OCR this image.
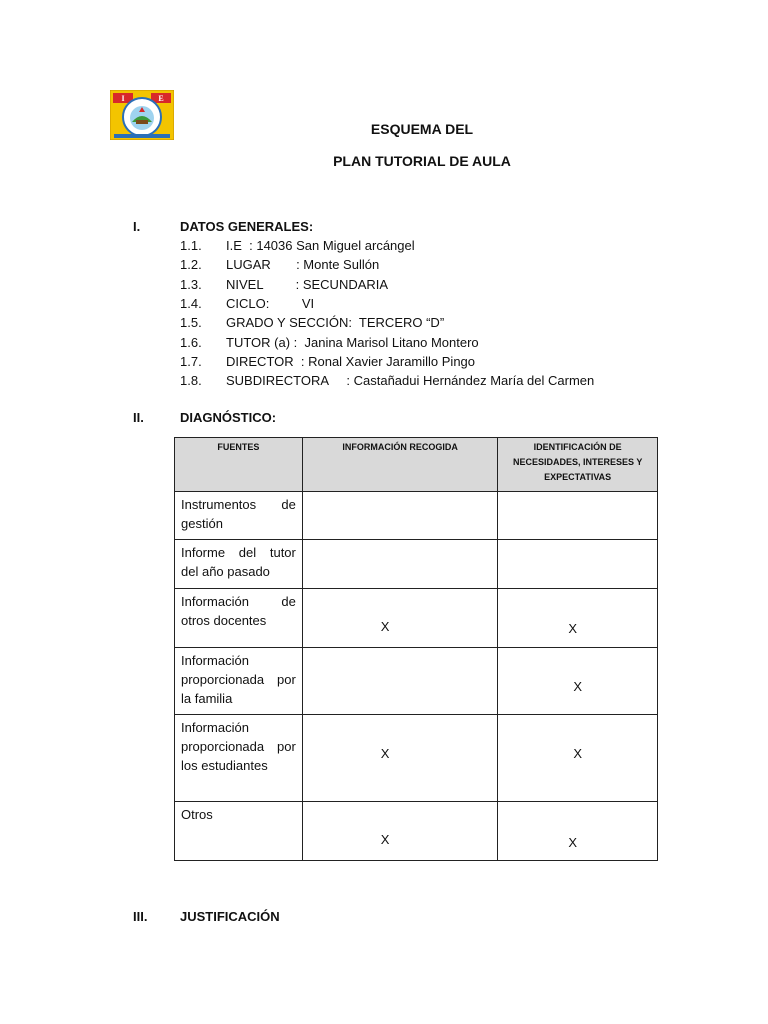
I	E
ESQUEMA DEL
PLAN TUTORIAL DE AULA
I.	DATOS GENERALES:
1.1. I.E  : 14036 San Miguel arcángel
1.2. LUGAR       : Monte Sullón
1.3. NIVEL         : SECUNDARIA
1.4. CICLO:         VI
1.5. GRADO Y SECCIÓN:  TERCERO “D”
1.6. TUTOR (a) :  Janina Marisol Litano Montero
1.7. DIRECTOR  : Ronal Xavier Jaramillo Pingo
1.8. SUBDIRECTORA     : Castañadui Hernández María del Carmen
II.	DIAGNÓSTICO:
FUENTES	INFORMACIÓN RECOGIDA	IDENTIFICACIÓN DE NECESIDADES, INTERESES Y EXPECTATIVAS
Instrumentos de gestión	

Informe del tutor del año pasado	

Información de otros docentes	X	X

Información proporcionada por la familia		X

Información proporcionada por los estudiantes	X	X

Otros	X	X
III.	JUSTIFICACIÓN
